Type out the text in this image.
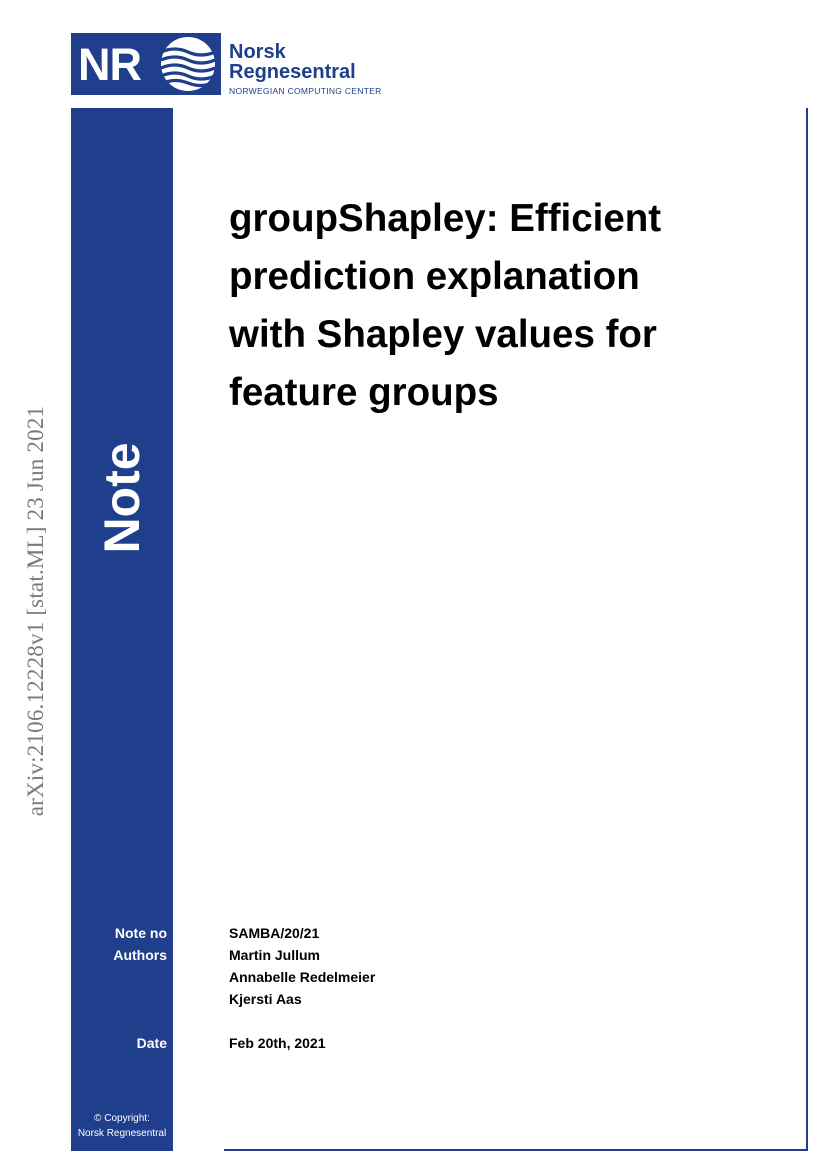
NR	Norsk
Regnesentral
NORWEGIAN COMPUTING CENTER
arXiv:2106.12228v1 [stat.ML] 23 Jun 2021 Note
groupShapley: Efficient
prediction explanation
with Shapley values for
feature groups
Note no
Authors
Date
SAMBA/20/21
Martin Jullum
Annabelle Redelmeier
Kjersti Aas
Feb 20th, 2021
© Copyright:
Norsk Regnesentral
